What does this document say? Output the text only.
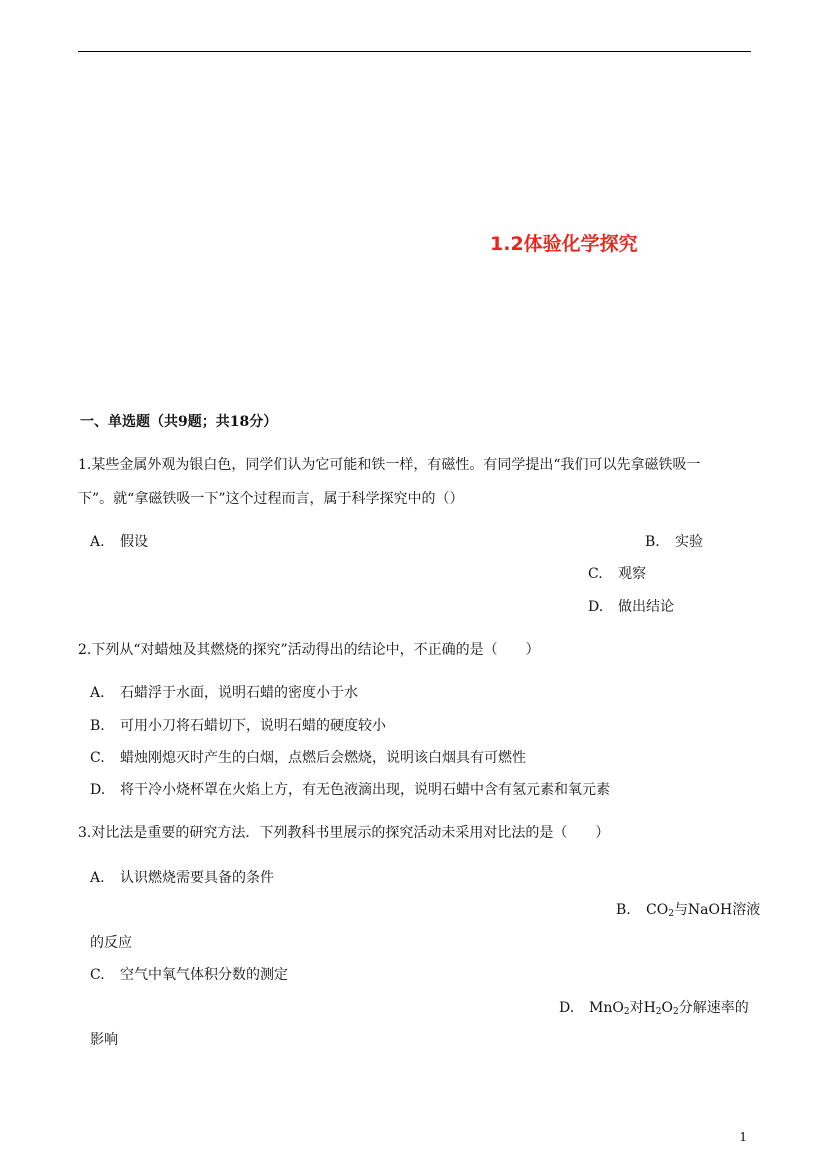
1.2体验化学探究
一、单选题（共9题；共18分）
1.某些金属外观为银白色，同学们认为它可能和铁一样，有磁性。有同学提出“我们可以先拿磁铁吸一
下”。就“拿磁铁吸一下”这个过程而言，属于科学探究中的（）
A. 假设	B. 实验
C. 观察
D. 做出结论
2.下列从“对蜡烛及其燃烧的探究”活动得出的结论中，不正确的是（　　）
A. 石蜡浮于水面，说明石蜡的密度小于水
B. 可用小刀将石蜡切下，说明石蜡的硬度较小
C. 蜡烛刚熄灭时产生的白烟，点燃后会燃烧，说明该白烟具有可燃性
D. 将干冷小烧杯罩在火焰上方，有无色液滴出现，说明石蜡中含有氢元素和氧元素
3.对比法是重要的研究方法．下列教科书里展示的探究活动未采用对比法的是（　　）
A. 认识燃烧需要具备的条件
B. $CO_2$与NaOH溶液
的反应
C. 空气中氧气体积分数的测定
D. MnO$_2$对$H_2O_2$分解速率的
影响
1
